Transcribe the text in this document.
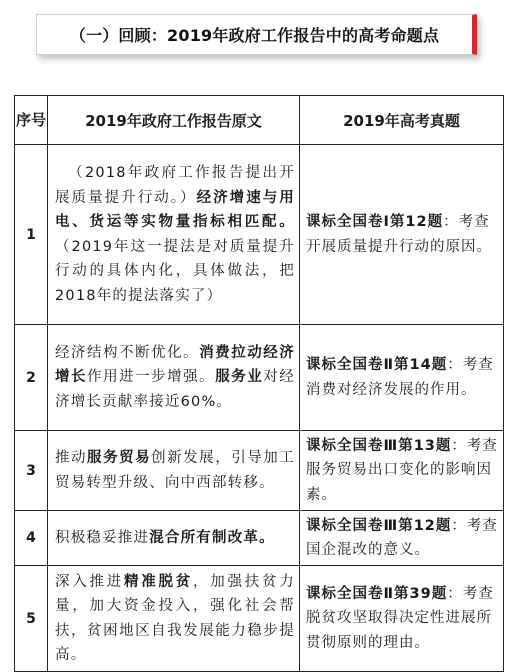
（一）回顾：2019年政府工作报告中的高考命题点
序号	2019年政府工作报告原文	2019年高考真题
1	（2018年政府工作报告提出开展质量提升行动。）经济增速与用电、货运等实物量指标相匹配。（2019年这一提法是对质量提升行动的具体内化，具体做法，把2018年的提法落实了）	课标全国卷Ⅰ第12题：考查开展质量提升行动的原因。
2	经济结构不断优化。消费拉动经济增长作用进一步增强。服务业对经济增长贡献率接近60%。	课标全国卷Ⅱ第14题：考查消费对经济发展的作用。
3	推动服务贸易创新发展，引导加工贸易转型升级、向中西部转移。	课标全国卷Ⅲ第13题：考查服务贸易出口变化的影响因素。
4	积极稳妥推进混合所有制改革。	课标全国卷Ⅲ第12题：考查国企混改的意义。
5	深入推进精准脱贫，加强扶贫力量，加大资金投入，强化社会帮扶，贫困地区自我发展能力稳步提高。	课标全国卷Ⅱ第39题：考查脱贫攻坚取得决定性进展所贯彻原则的理由。
